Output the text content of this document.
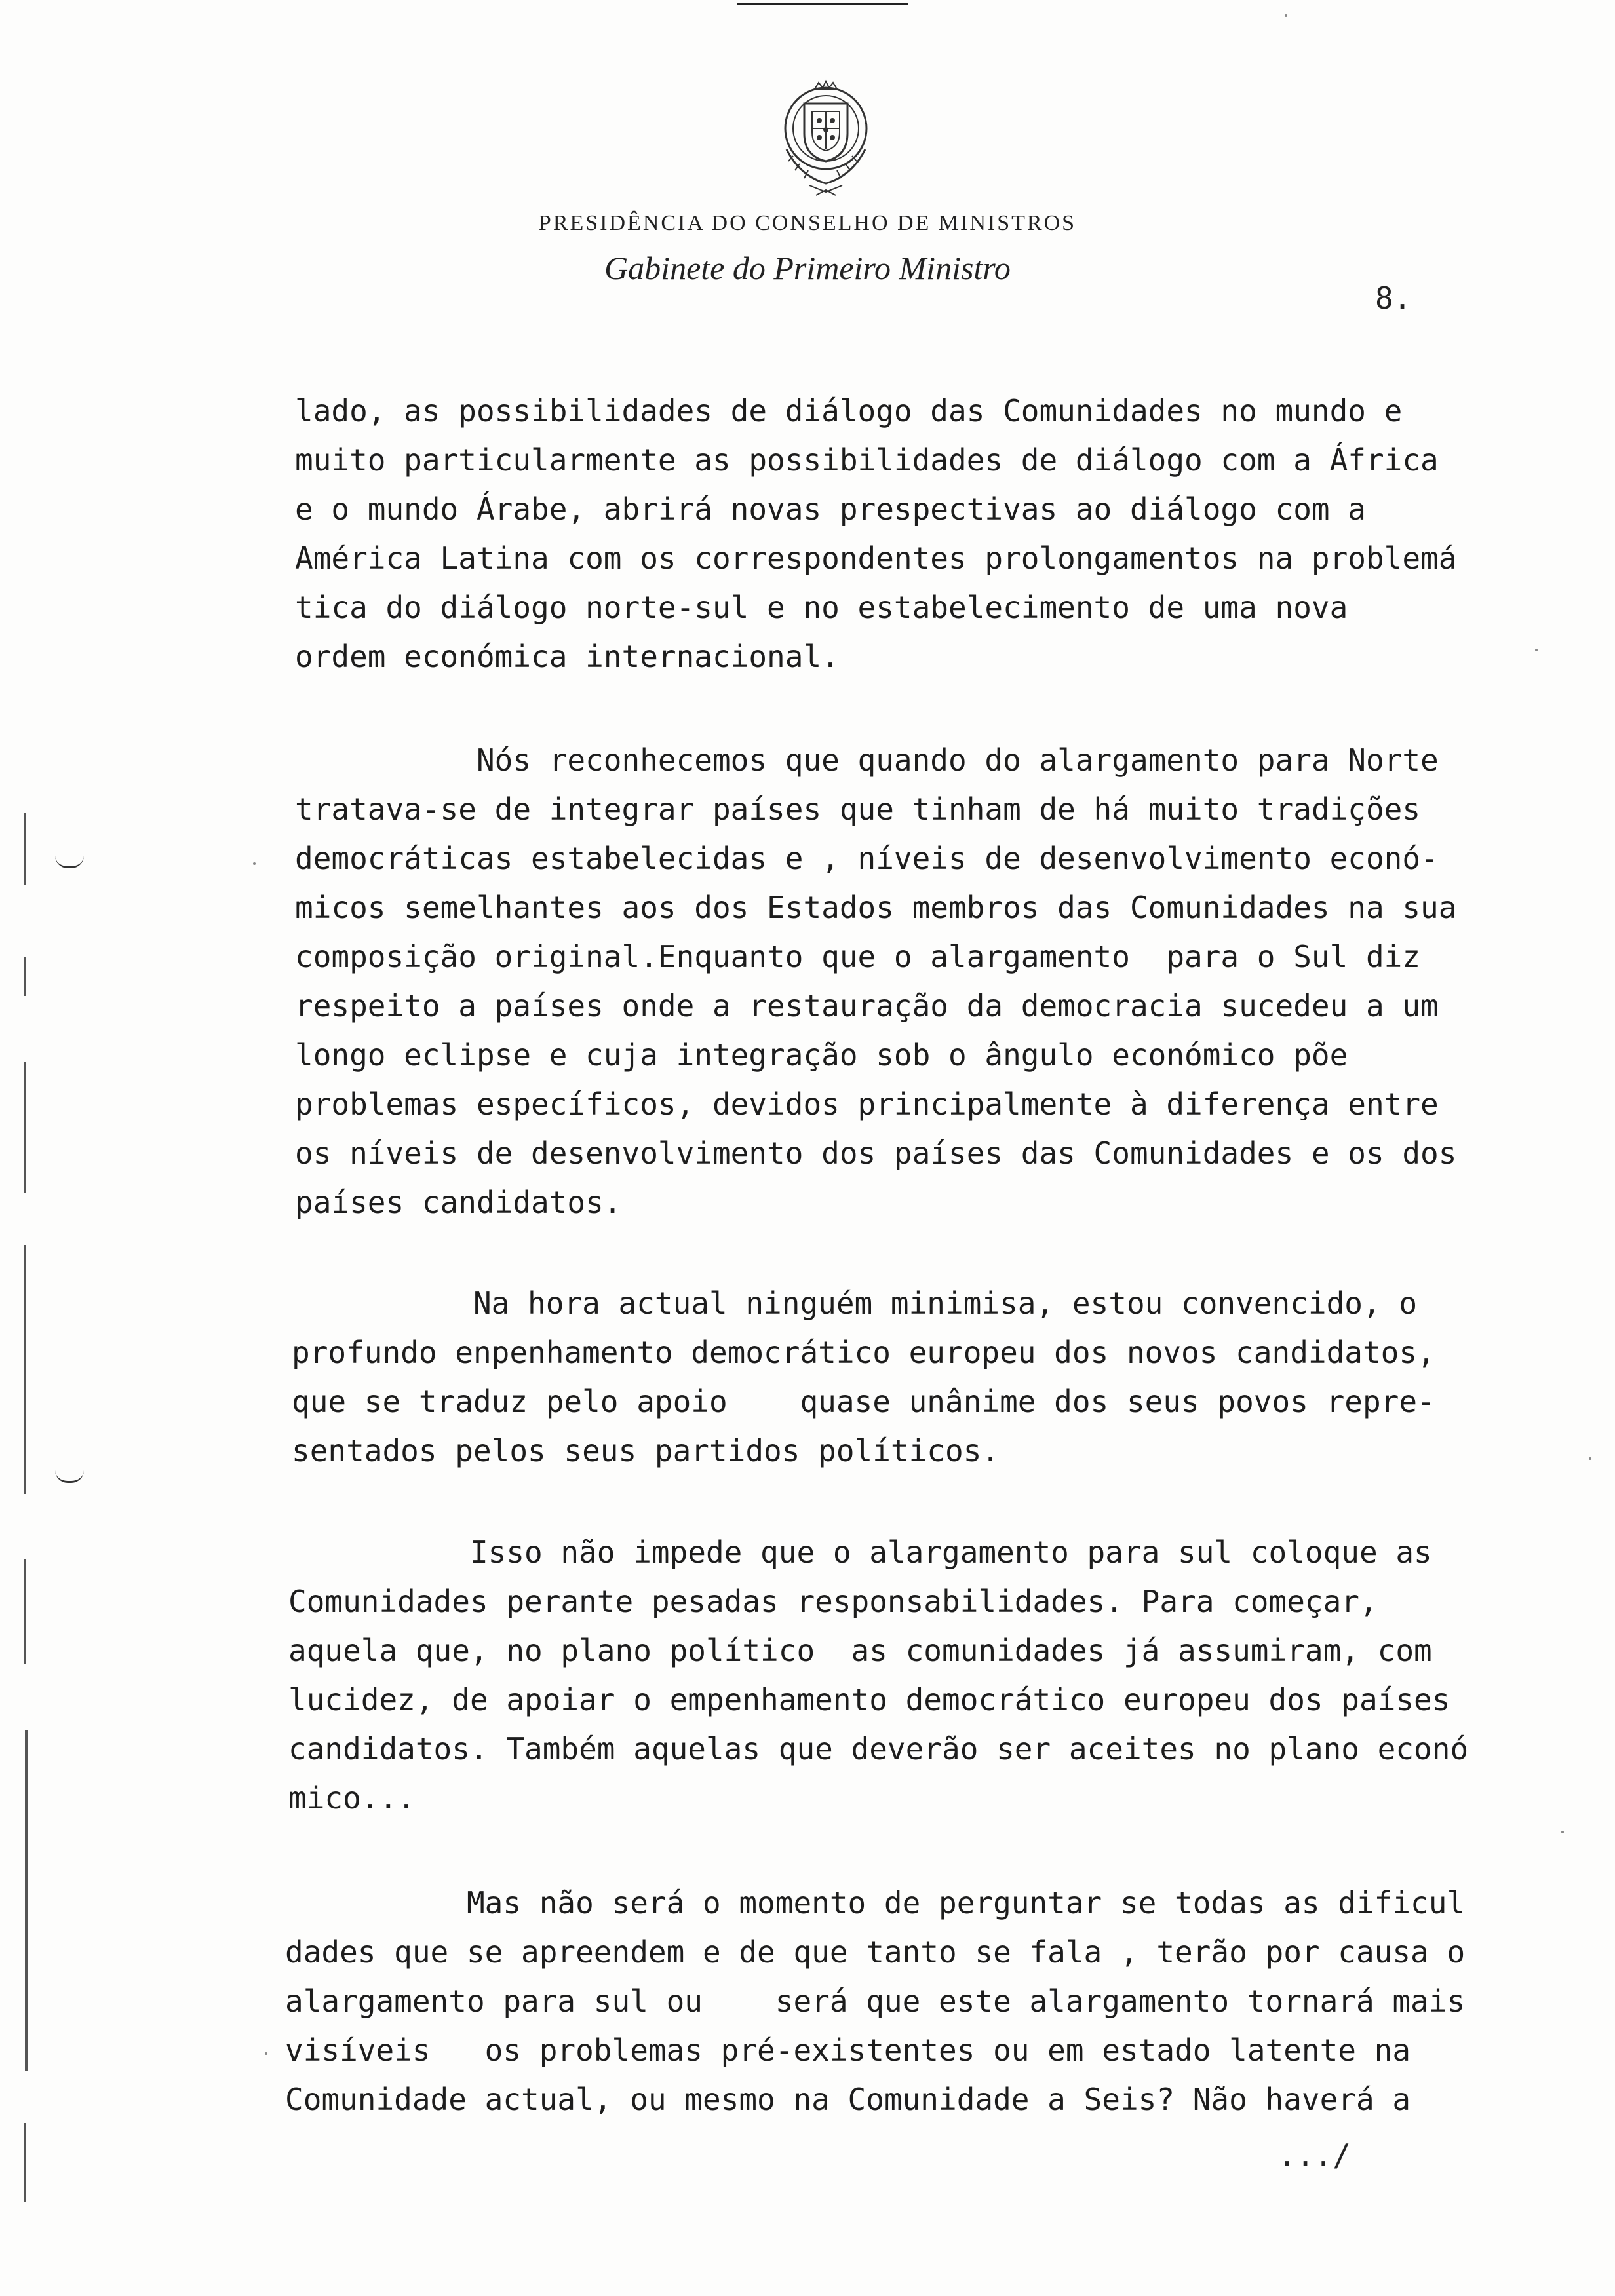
PRESIDÊNCIA DO CONSELHO DE MINISTROS
Gabinete do Primeiro Ministro
8.
lado, as possibilidades de diálogo das Comunidades no mundo e
muito particularmente as possibilidades de diálogo com a África
e o mundo Árabe, abrirá novas prespectivas ao diálogo com a
América Latina com os correspondentes prolongamentos na problemá
tica do diálogo norte-sul e no estabelecimento de uma nova
ordem económica internacional.
Nós reconhecemos que quando do alargamento para Norte
tratava-se de integrar países que tinham de há muito tradições
democráticas estabelecidas e , níveis de desenvolvimento econó-
micos semelhantes aos dos Estados membros das Comunidades na sua
composição original.Enquanto que o alargamento  para o Sul diz
respeito a países onde a restauração da democracia sucedeu a um
longo eclipse e cuja integração sob o ângulo económico põe
problemas específicos, devidos principalmente à diferença entre
os níveis de desenvolvimento dos países das Comunidades e os dos
países candidatos.
Na hora actual ninguém minimisa, estou convencido, o
profundo enpenhamento democrático europeu dos novos candidatos,
que se traduz pelo apoio    quase unânime dos seus povos repre-
sentados pelos seus partidos políticos.
Isso não impede que o alargamento para sul coloque as
Comunidades perante pesadas responsabilidades. Para começar,
aquela que, no plano político  as comunidades já assumiram, com
lucidez, de apoiar o empenhamento democrático europeu dos países
candidatos. Também aquelas que deverão ser aceites no plano econó
mico...
Mas não será o momento de perguntar se todas as dificul
dades que se apreendem e de que tanto se fala , terão por causa o
alargamento para sul ou    será que este alargamento tornará mais
visíveis   os problemas pré-existentes ou em estado latente na
Comunidade actual, ou mesmo na Comunidade a Seis? Não haverá a
.../
